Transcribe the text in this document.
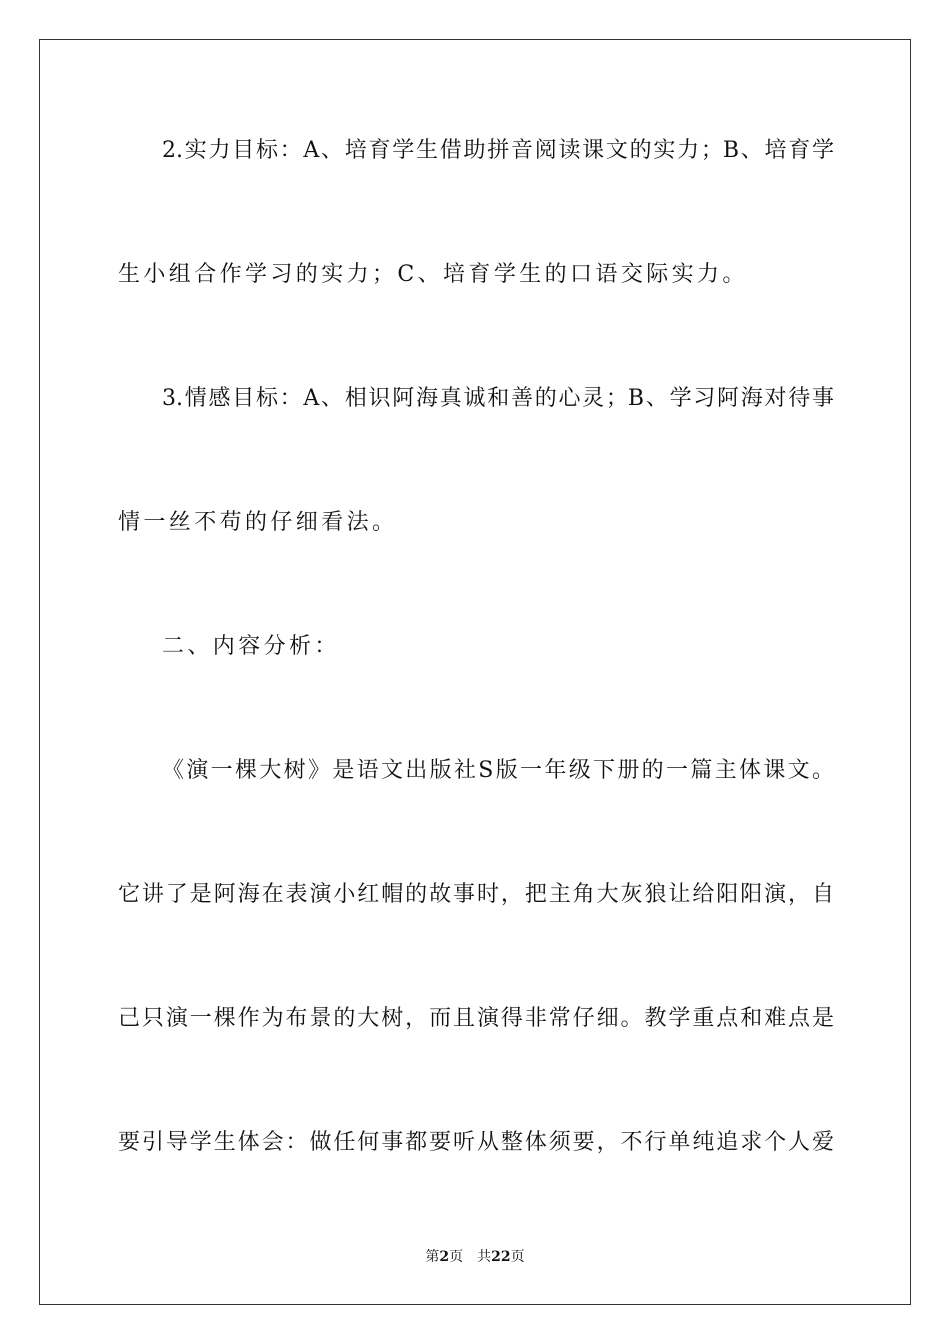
2.实力目标：A、培育学生借助拼音阅读课文的实力；B、培育学
生小组合作学习的实力；C、培育学生的口语交际实力。
3.情感目标：A、相识阿海真诚和善的心灵；B、学习阿海对待事
情一丝不苟的仔细看法。
二、内容分析：
《演一棵大树》是语文出版社S版一年级下册的一篇主体课文。
它讲了是阿海在表演小红帽的故事时，把主角大灰狼让给阳阳演，自
己只演一棵作为布景的大树，而且演得非常仔细。教学重点和难点是
要引导学生体会：做任何事都要听从整体须要，不行单纯追求个人爱
第2页 共22页
